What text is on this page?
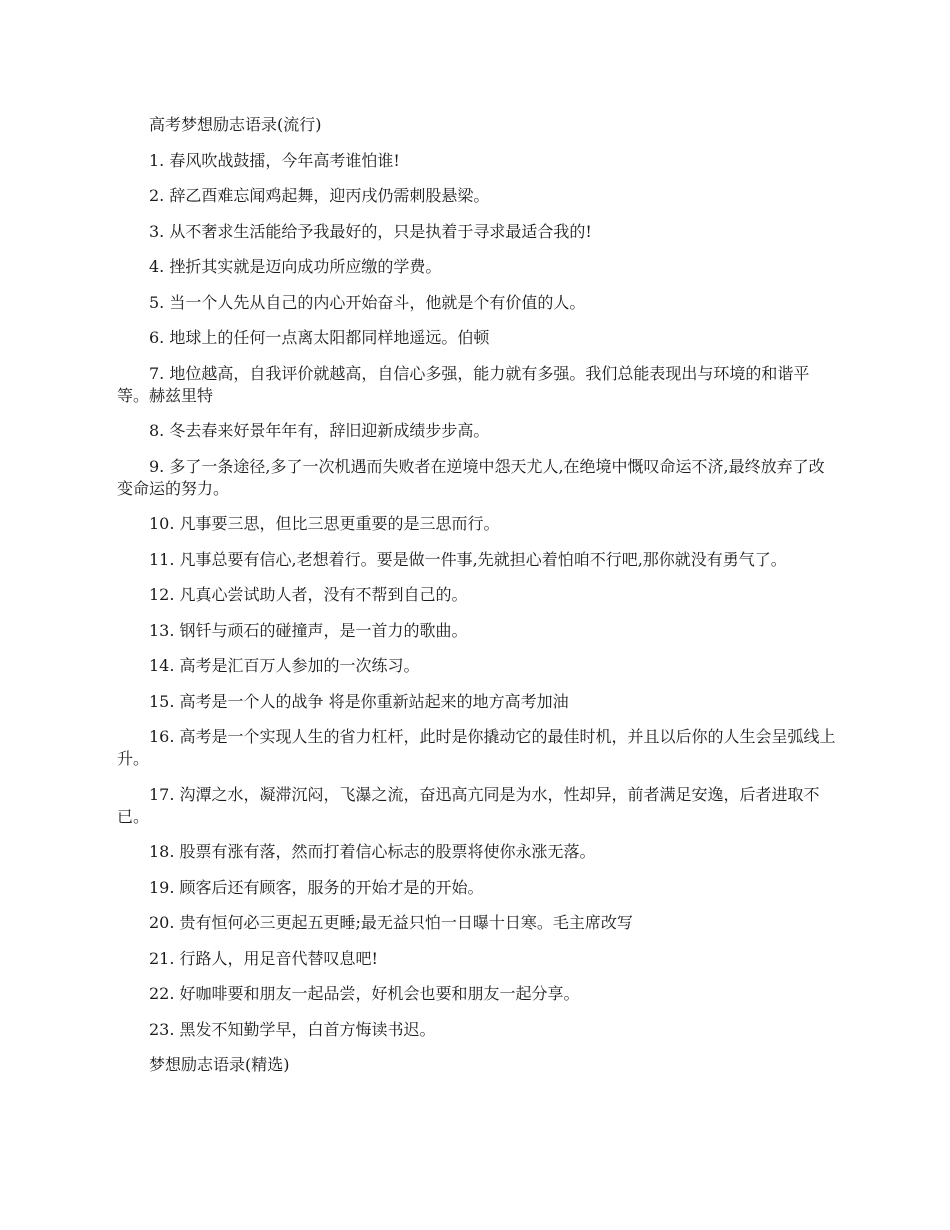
高考梦想励志语录(流行)

1. 春风吹战鼓擂，今年高考谁怕谁!

2. 辞乙酉难忘闻鸡起舞，迎丙戌仍需刺股悬梁。

3. 从不奢求生活能给予我最好的，只是执着于寻求最适合我的!

4. 挫折其实就是迈向成功所应缴的学费。

5. 当一个人先从自己的内心开始奋斗，他就是个有价值的人。

6. 地球上的任何一点离太阳都同样地遥远。伯顿

7. 地位越高，自我评价就越高，自信心多强，能力就有多强。我们总能表现出与环境的和谐平等。赫兹里特

8. 冬去春来好景年年有，辞旧迎新成绩步步高。

9. 多了一条途径,多了一次机遇而失败者在逆境中怨天尤人,在绝境中慨叹命运不济,最终放弃了改变命运的努力。

10. 凡事要三思，但比三思更重要的是三思而行。

11. 凡事总要有信心,老想着行。要是做一件事,先就担心着怕咱不行吧,那你就没有勇气了。

12. 凡真心尝试助人者，没有不帮到自己的。

13. 钢钎与顽石的碰撞声，是一首力的歌曲。

14. 高考是汇百万人参加的一次练习。

15. 高考是一个人的战争 将是你重新站起来的地方高考加油

16. 高考是一个实现人生的省力杠杆，此时是你撬动它的最佳时机，并且以后你的人生会呈弧线上升。

17. 沟潭之水，凝滞沉闷，飞瀑之流，奋迅高亢同是为水，性却异，前者满足安逸，后者进取不已。

18. 股票有涨有落，然而打着信心标志的股票将使你永涨无落。

19. 顾客后还有顾客，服务的开始才是的开始。

20. 贵有恒何必三更起五更睡;最无益只怕一日曝十日寒。毛主席改写

21. 行路人，用足音代替叹息吧!

22. 好咖啡要和朋友一起品尝，好机会也要和朋友一起分享。

23. 黑发不知勤学早，白首方悔读书迟。

梦想励志语录(精选)
